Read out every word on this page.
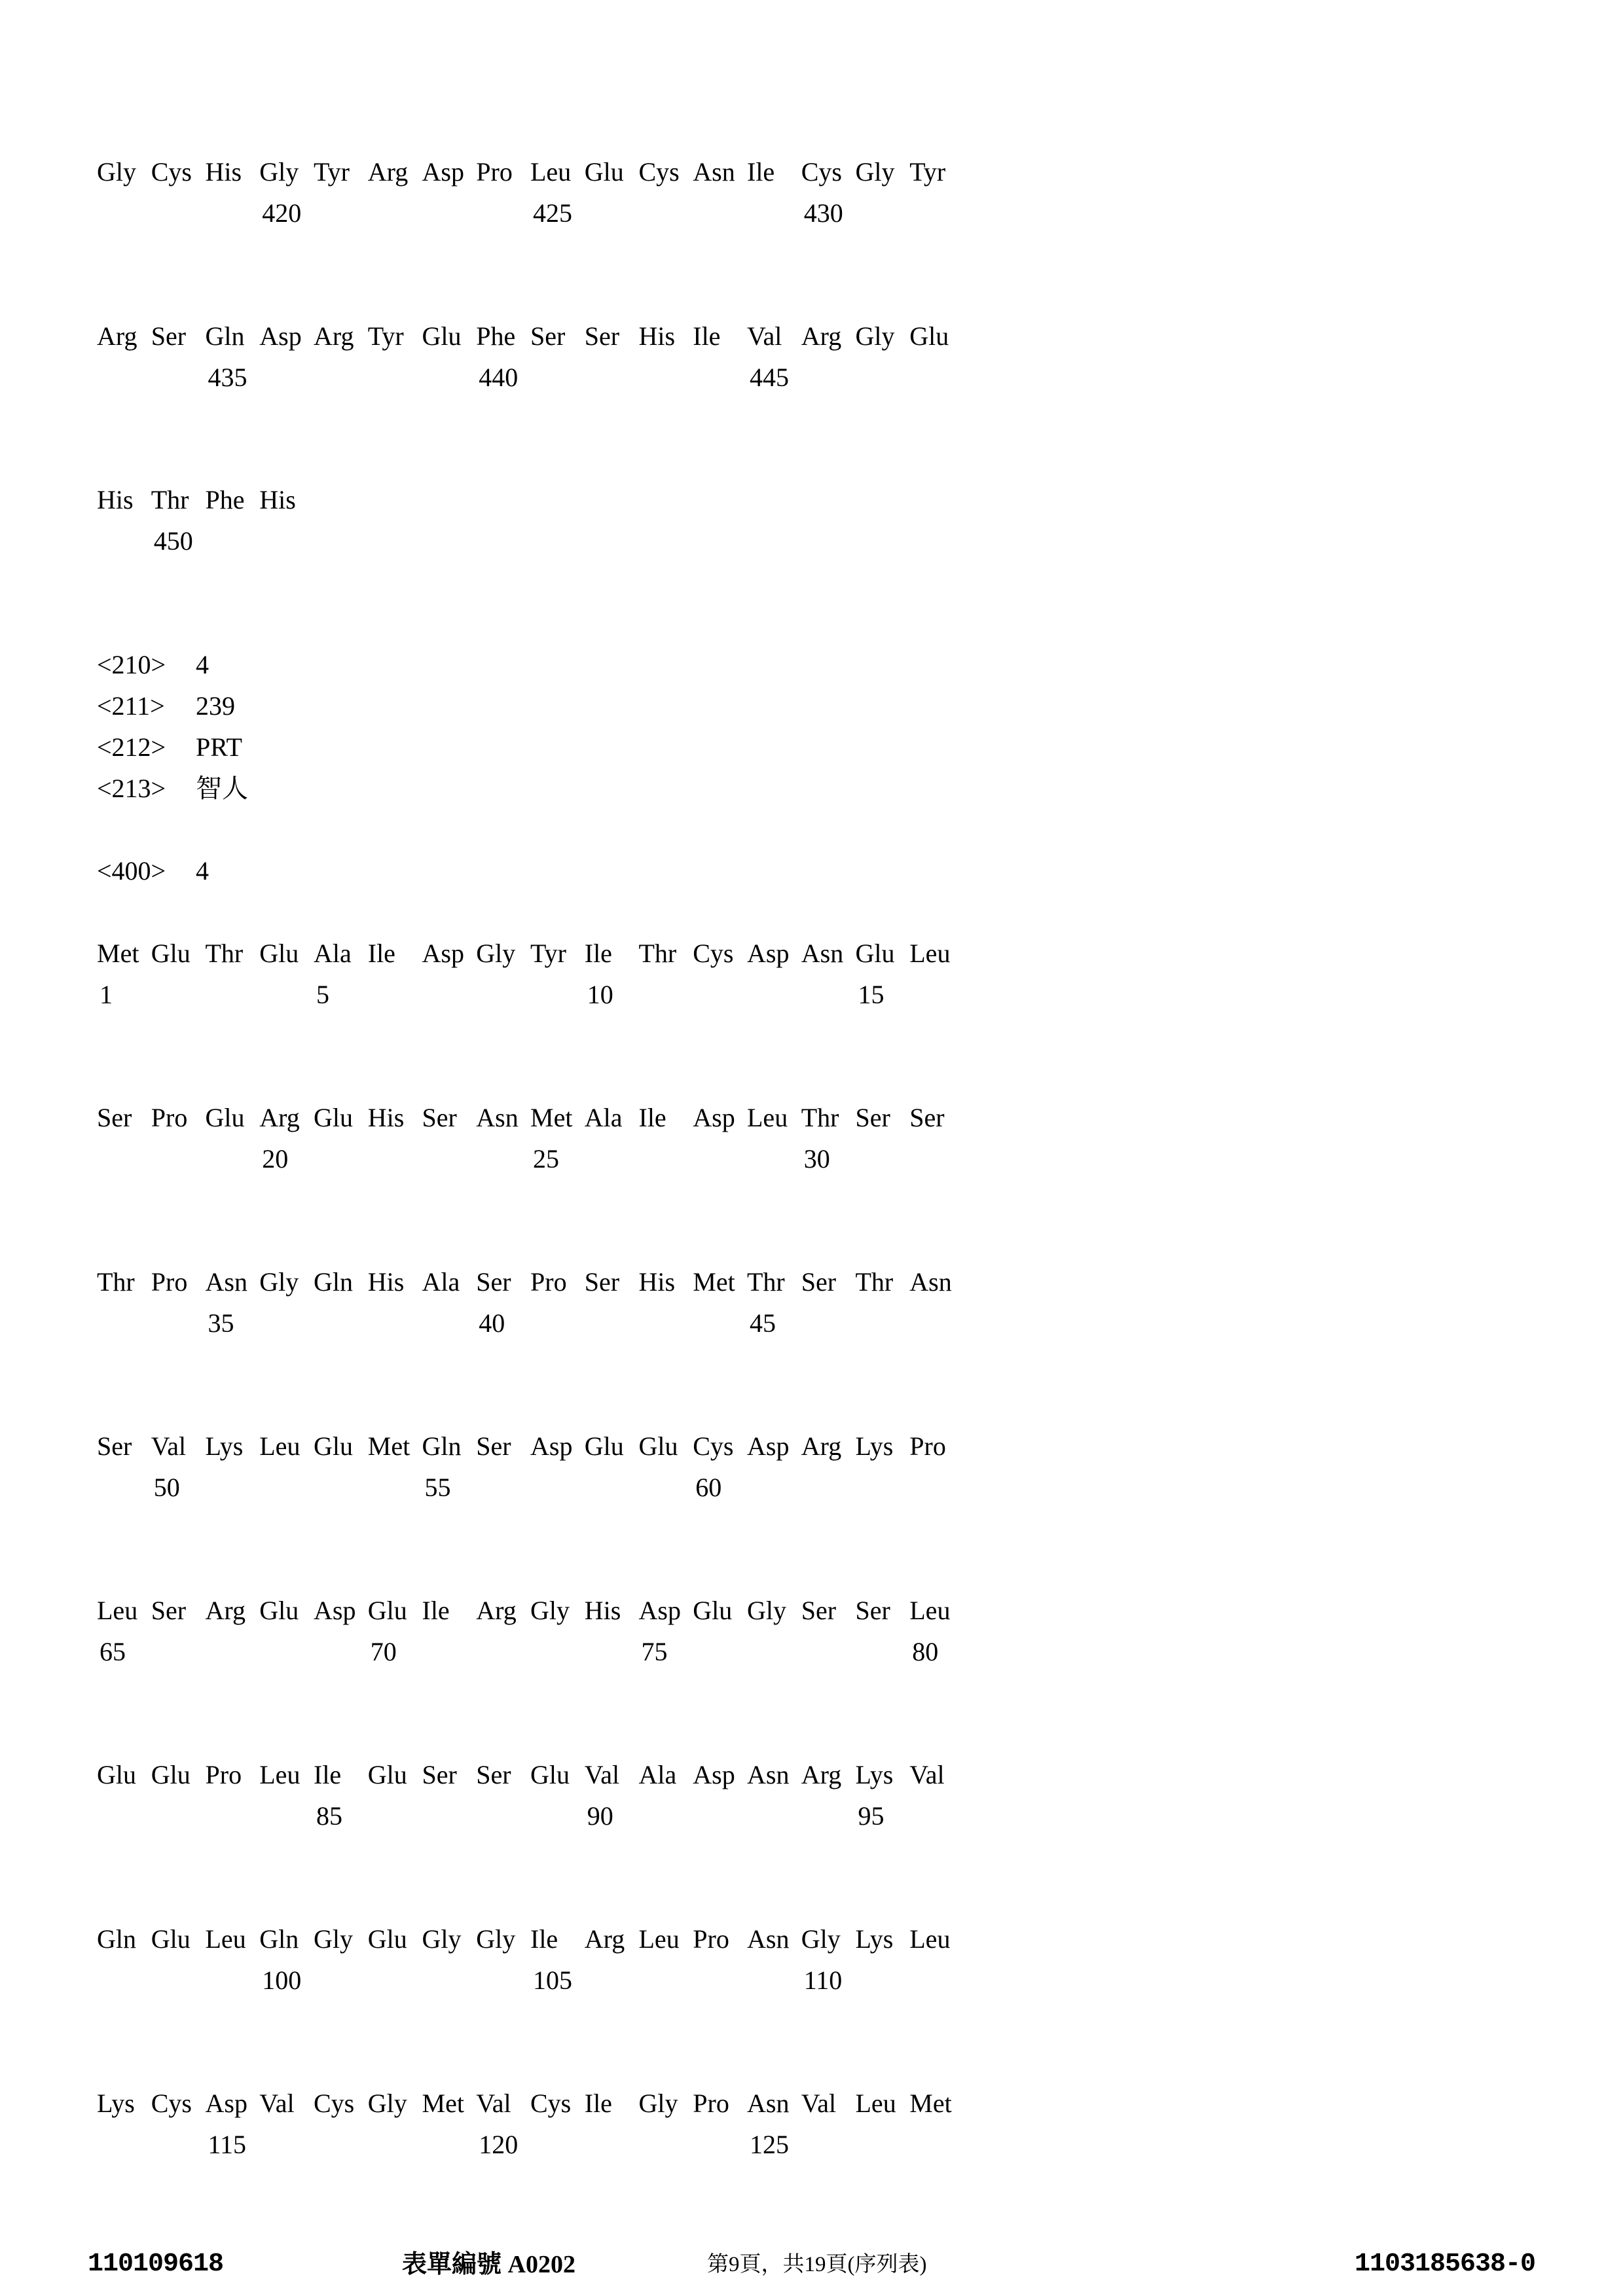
Gly Cys His Gly Tyr Arg Asp Pro Leu Glu Cys Asn Ile	Cys Gly Tyr
420	425	430
Arg Ser Gln Asp Arg Tyr Glu Phe Ser Ser His Ile	Val Arg Gly Glu
435	440	445
His Thr Phe His
450
<210> 4
<211> 239
<212> PRT
<213> 智人
<400> 4
Met Glu Thr Glu Ala Ile	Asp Gly Tyr Ile	Thr Cys Asp Asn Glu Leu
1	5	10	15
Ser Pro Glu Arg Glu His Ser Asn Met Ala Ile	Asp Leu Thr Ser Ser
20	25	30
Thr Pro Asn Gly Gln His Ala Ser Pro Ser His Met Thr Ser Thr Asn
35	40	45
Ser Val Lys Leu Glu Met Gln Ser Asp Glu Glu Cys Asp Arg Lys Pro
50	55	60
Leu Ser Arg Glu Asp Glu Ile	Arg Gly His Asp Glu Gly Ser Ser Leu
65	70	75	80
Glu Glu Pro Leu Ile	Glu Ser Ser Glu Val Ala Asp Asn Arg Lys Val
85	90	95
Gln Glu Leu Gln Gly Glu Gly Gly Ile	Arg Leu Pro Asn Gly Lys Leu
100	105	110
Lys Cys Asp Val Cys Gly Met Val Cys Ile	Gly Pro Asn Val Leu Met
115	120	125
110109618	表單編號 A0202	第9頁，共19頁(序列表)	1103185638-0
